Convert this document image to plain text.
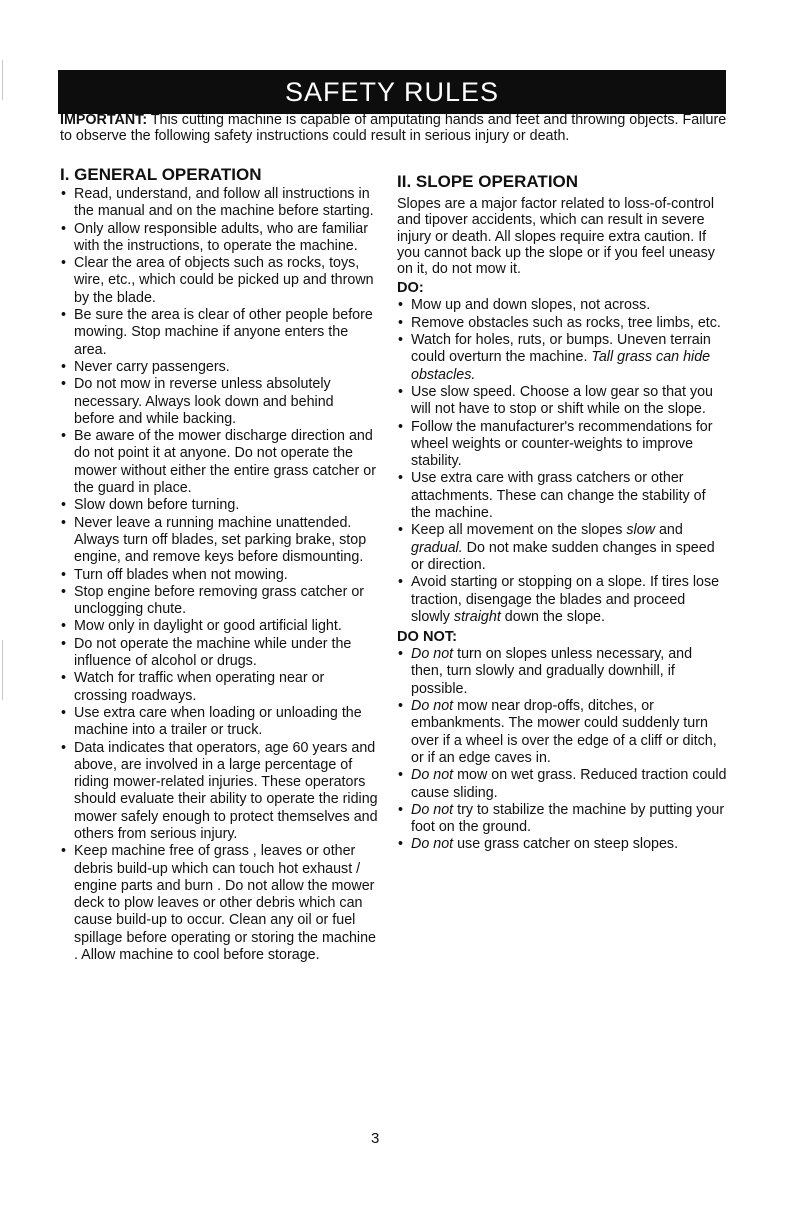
SAFETY RULES
IMPORTANT: This cutting machine is capable of amputating hands and feet and throwing objects. Failure to observe the following safety instructions could result in serious injury or death.
I. GENERAL OPERATION
• Read, understand, and follow all instructions in the manual and on the machine before starting.
• Only allow responsible adults, who are familiar with the instructions, to operate the machine.
• Clear the area of objects such as rocks, toys, wire, etc., which could be picked up and thrown by the blade.
• Be sure the area is clear of other people before mowing. Stop machine if anyone enters the area.
• Never carry passengers.
• Do not mow in reverse unless absolutely necessary. Always look down and behind before and while backing.
• Be aware of the mower discharge direction and do not point it at anyone. Do not operate the mower without either the entire grass catcher or the guard in place.
• Slow down before turning.
• Never leave a running machine unattended. Always turn off blades, set parking brake, stop engine, and remove keys before dismounting.
• Turn off blades when not mowing.
• Stop engine before removing grass catcher or unclogging chute.
• Mow only in daylight or good artificial light.
• Do not operate the machine while under the influence of alcohol or drugs.
• Watch for traffic when operating near or crossing roadways.
• Use extra care when loading or unloading the machine into a trailer or truck.
• Data indicates that operators, age 60 years and above, are involved in a large percentage of riding mower-related injuries. These operators should evaluate their ability to operate the riding mower safely enough to protect themselves and others from serious injury.
• Keep machine free of grass , leaves or other debris build-up which can touch hot exhaust / engine parts and burn . Do not allow the mower deck to plow leaves or other debris which can cause build-up to occur. Clean any oil or fuel spillage before operating or storing the machine . Allow machine to cool before storage.
II. SLOPE OPERATION
Slopes are a major factor related to loss-of-control and tipover accidents, which can result in severe injury or death. All slopes require extra caution. If you cannot back up the slope or if you feel uneasy on it, do not mow it.
DO:
• Mow up and down slopes, not across.
• Remove obstacles such as rocks, tree limbs, etc.
• Watch for holes, ruts, or bumps. Uneven terrain could overturn the machine. Tall grass can hide obstacles.
• Use slow speed. Choose a low gear so that you will not have to stop or shift while on the slope.
• Follow the manufacturer's recommendations for wheel weights or counter-weights to improve stability.
• Use extra care with grass catchers or other attachments. These can change the stability of the machine.
• Keep all movement on the slopes slow and gradual. Do not make sudden changes in speed or direction.
• Avoid starting or stopping on a slope. If tires lose traction, disengage the blades and proceed slowly straight down the slope.
DO NOT:
• Do not turn on slopes unless necessary, and then, turn slowly and gradually downhill, if possible.
• Do not mow near drop-offs, ditches, or embankments. The mower could suddenly turn over if a wheel is over the edge of a cliff or ditch, or if an edge caves in.
• Do not mow on wet grass. Reduced traction could cause sliding.
• Do not try to stabilize the machine by putting your foot on the ground.
• Do not use grass catcher on steep slopes.
3
